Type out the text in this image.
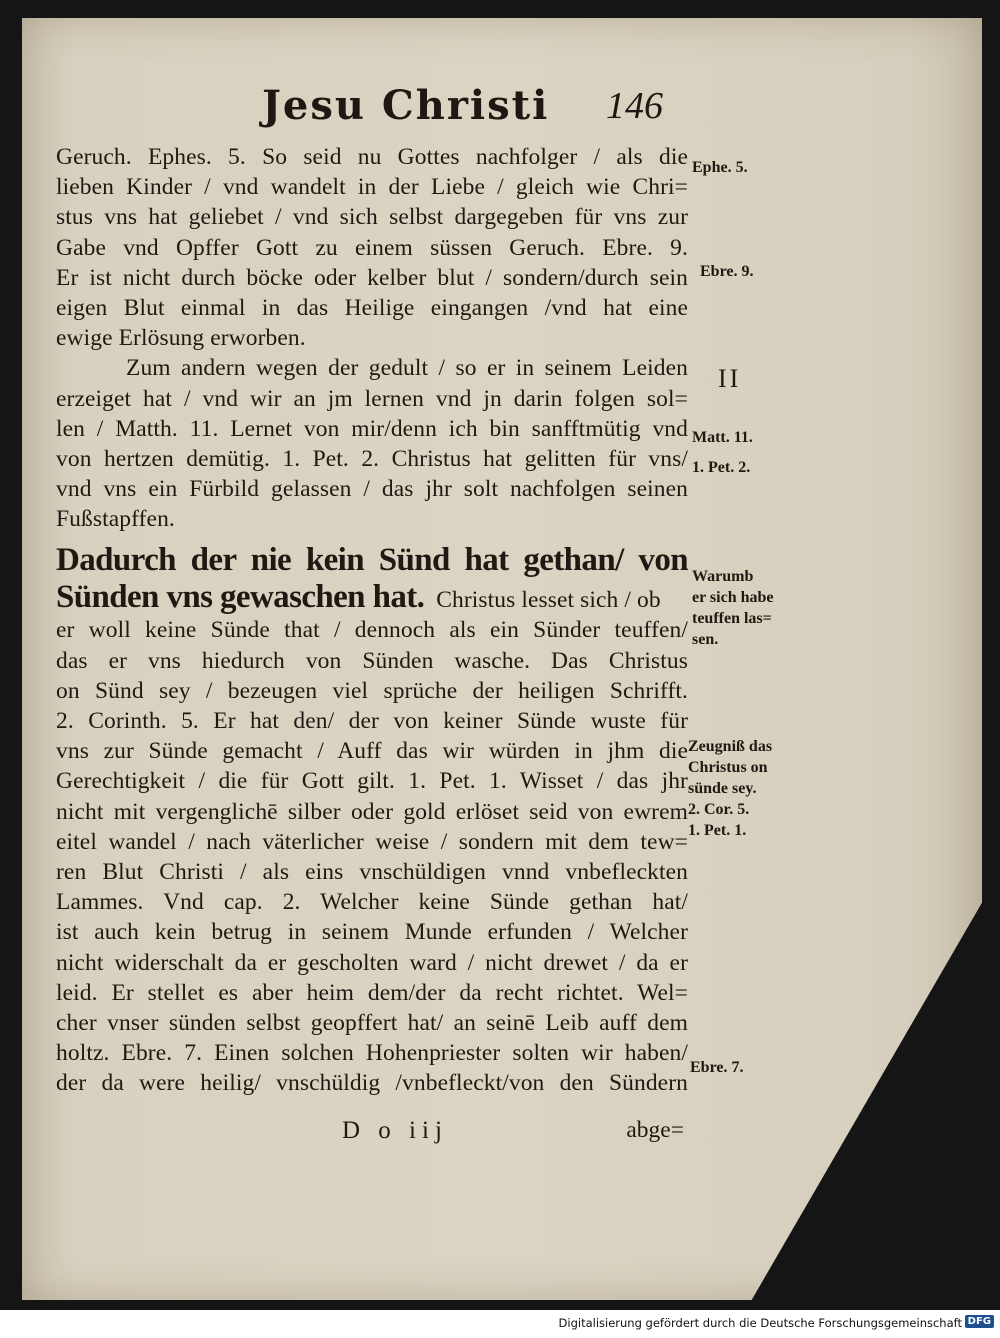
Jesu Christi 146
Geruch. Ephes. 5. So seid nu Gottes nachfolger / als die
lieben Kinder / vnd wandelt in der Liebe / gleich wie Chri=
stus vns hat geliebet / vnd sich selbst dargegeben für vns zur
Gabe vnd Opffer Gott zu einem süssen Geruch. Ebre. 9.
Er ist nicht durch böcke oder kelber blut / sondern/durch sein
eigen Blut einmal in das Heilige eingangen /vnd hat eine
ewige Erlösung erworben.
Zum andern wegen der gedult / so er in seinem Leiden
erzeiget hat / vnd wir an jm lernen vnd jn darin folgen sol=
len / Matth. 11. Lernet von mir/denn ich bin sanfftmütig vnd
von hertzen demütig. 1. Pet. 2. Christus hat gelitten für vns/
vnd vns ein Fürbild gelassen / das jhr solt nachfolgen seinen
Fußstapffen.
Dadurch der nie kein Sünd hat gethan/ von
Sünden vns gewaschen hat. Christus lesset sich / ob
er woll keine Sünde that / dennoch als ein Sünder teuffen/
das er vns hiedurch von Sünden wasche. Das Christus
on Sünd sey / bezeugen viel sprüche der heiligen Schrifft.
2. Corinth. 5. Er hat den/ der von keiner Sünde wuste für
vns zur Sünde gemacht / Auff das wir würden in jhm die
Gerechtigkeit / die für Gott gilt. 1. Pet. 1. Wisset / das jhr
nicht mit vergenglichē silber oder gold erlöset seid von ewrem
eitel wandel / nach väterlicher weise / sondern mit dem tew=
ren Blut Christi / als eins vnschüldigen vnnd vnbefleckten
Lammes. Vnd cap. 2. Welcher keine Sünde gethan hat/
ist auch kein betrug in seinem Munde erfunden / Welcher
nicht widerschalt da er gescholten ward / nicht drewet / da er
leid. Er stellet es aber heim dem/der da recht richtet. Wel=
cher vnser sünden selbst geopffert hat/ an seinē Leib auff dem
holtz. Ebre. 7. Einen solchen Hohenpriester solten wir haben/
der da were heilig/ vnschüldig /vnbefleckt/von den Sündern
Ephe. 5.
Ebre. 9.
II
Matt. 11.
1. Pet. 2.
Warumb
er sich habe
teuffen las=
sen.
Zeugniß das
Christus on
sünde sey.
2. Cor. 5.
1. Pet. 1.
Ebre. 7.
D o iij	abge=
Digitalisierung gefördert durch die Deutsche Forschungsgemeinschaft DFG
